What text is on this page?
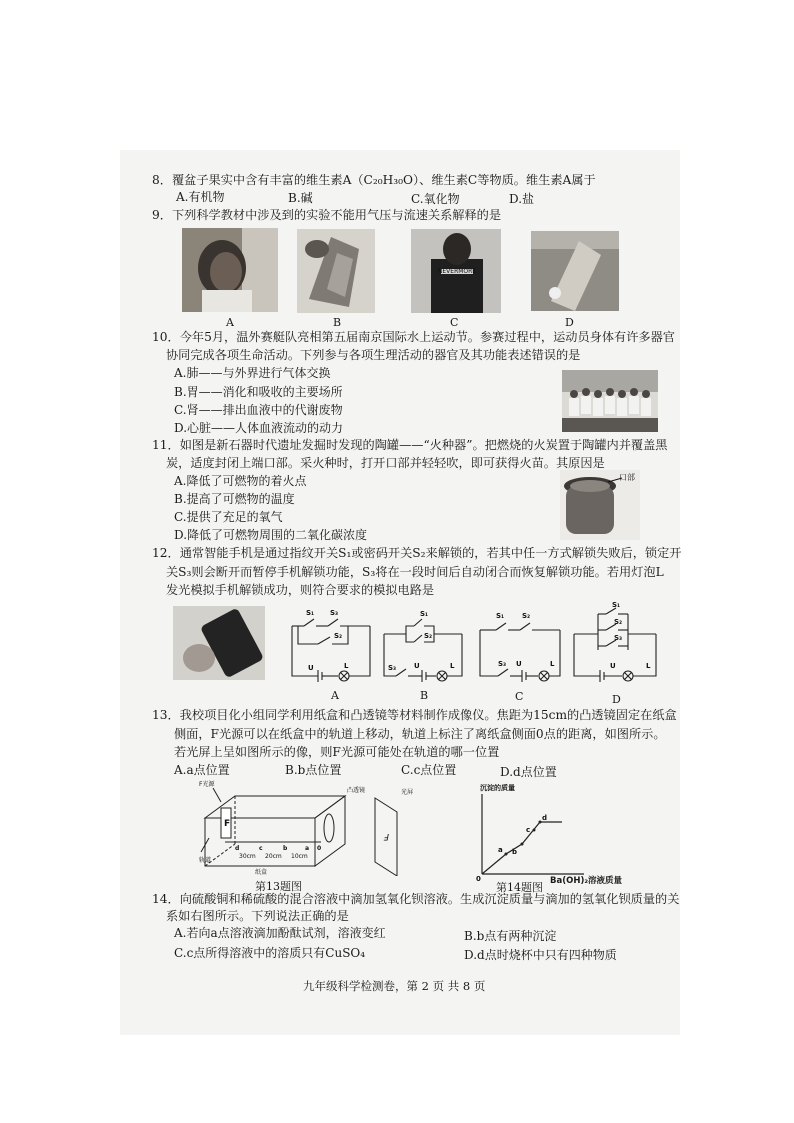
8．覆盆子果实中含有丰富的维生素A（C₂₀H₃₀O）、维生素C等物质。维生素A属于
A.有机物	B.碱	C.氧化物	D.盐
9．下列科学教材中涉及到的实验不能用气压与流速关系解释的是
NEVERMORE
A	B	C	D
10．今年5月，温外赛艇队亮相第五届南京国际水上运动节。参赛过程中，运动员身体有许多器官
协同完成各项生命活动。下列参与各项生理活动的器官及其功能表述错误的是
A.肺——与外界进行气体交换
B.胃——消化和吸收的主要场所
C.肾——排出血液中的代谢废物
D.心脏——人体血液流动的动力
11．如图是新石器时代遗址发掘时发现的陶罐——“火种器”。把燃烧的火炭置于陶罐内并覆盖黑
炭，适度封闭上端口部。采火种时，打开口部并轻轻吹，即可获得火苗。其原因是
A.降低了可燃物的着火点
B.提高了可燃物的温度
C.提供了充足的氧气
D.降低了可燃物周围的二氧化碳浓度
口部
12．通常智能手机是通过指纹开关S₁或密码开关S₂来解锁的，若其中任一方式解锁失败后，锁定开
关S₃则会断开而暂停手机解锁功能，S₃将在一段时间后自动闭合而恢复解锁功能。若用灯泡L
发光模拟手机解锁成功，则符合要求的模拟电路是
S₁ S₃
S₂
U	L
S₁
S₂
S₃	U	L
S₁	S₂
S₃ U	L
S₁
S₂
S₃
U	L
A	B	C	D
13．我校项目化小组同学利用纸盒和凸透镜等材料制作成像仪。焦距为15cm的凸透镜固定在纸盒
侧面，F光源可以在纸盒中的轨道上移动，轨道上标注了离纸盒侧面0点的距离，如图所示。
若光屏上呈如图所示的像，则F光源可能处在轨道的哪一位置
A.a点位置	B.b点位置	C.c点位置	D.d点位置
F光源
凸透镜	光屏
轨道
纸盒
d	c	b	a 0
30cm 20cm 10cm
F
F
第13题图
沉淀的质量
0
a b
c
d
第14题图 Ba(OH)₂溶液质量
14．向硫酸铜和稀硫酸的混合溶液中滴加氢氧化钡溶液。生成沉淀质量与滴加的氢氧化钡质量的关
系如右图所示。下列说法正确的是
A.若向a点溶液滴加酚酞试剂，溶液变红	B.b点有两种沉淀
C.c点所得溶液中的溶质只有CuSO₄	D.d点时烧杯中只有四种物质
九年级科学检测卷，第 2 页 共 8 页
